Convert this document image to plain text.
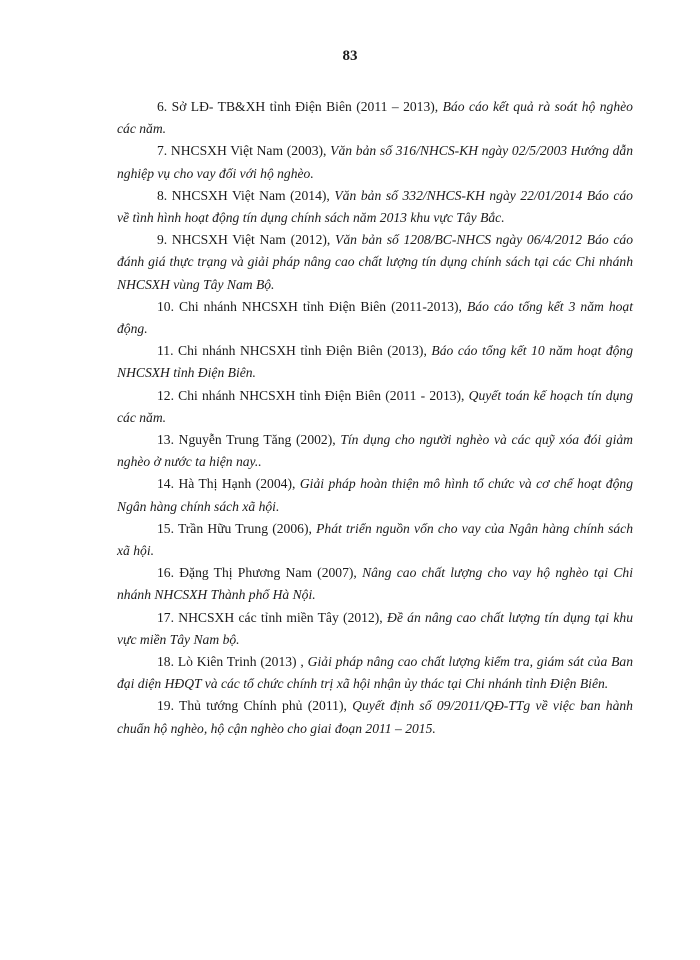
83

6. Sở LĐ- TB&XH tỉnh Điện Biên (2011 – 2013), Báo cáo kết quả rà soát hộ nghèo các năm.

7. NHCSXH Việt Nam (2003), Văn bản số 316/NHCS-KH ngày 02/5/2003 Hướng dẫn nghiệp vụ cho vay đối với hộ nghèo.

8. NHCSXH Việt Nam (2014), Văn bản số 332/NHCS-KH ngày 22/01/2014 Báo cáo về tình hình hoạt động tín dụng chính sách năm 2013 khu vực Tây Bắc.

9. NHCSXH Việt Nam (2012), Văn bản số 1208/BC-NHCS ngày 06/4/2012 Báo cáo đánh giá thực trạng và giải pháp nâng cao chất lượng tín dụng chính sách tại các Chi nhánh NHCSXH vùng Tây Nam Bộ.

10. Chi nhánh NHCSXH tỉnh Điện Biên (2011-2013), Báo cáo tổng kết 3 năm hoạt động.

11. Chi nhánh NHCSXH tỉnh Điện Biên (2013), Báo cáo tổng kết 10 năm hoạt động NHCSXH tỉnh Điện Biên.

12. Chi nhánh NHCSXH tỉnh Điện Biên (2011 - 2013), Quyết toán kế hoạch tín dụng các năm.

13. Nguyễn Trung Tăng (2002), Tín dụng cho người nghèo và các quỹ xóa đói giảm nghèo ở nước ta hiện nay..

14. Hà Thị Hạnh (2004), Giải pháp hoàn thiện mô hình tổ chức và cơ chế hoạt động Ngân hàng chính sách xã hội.

15. Trần Hữu Trung (2006), Phát triển nguồn vốn cho vay của Ngân hàng chính sách xã hội.

16. Đặng Thị Phương Nam (2007), Nâng cao chất lượng cho vay hộ nghèo tại Chi nhánh NHCSXH Thành phố Hà Nội.

17. NHCSXH các tỉnh miền Tây (2012), Đề án nâng cao chất lượng tín dụng tại khu vực miền Tây Nam bộ.

18. Lò Kiên Trinh (2013) , Giải pháp nâng cao chất lượng kiểm tra, giám sát của Ban đại diện HĐQT và các tổ chức chính trị xã hội nhận ủy thác tại Chi nhánh tỉnh Điện Biên.

19. Thủ tướng Chính phủ (2011), Quyết định số 09/2011/QĐ-TTg về việc ban hành chuẩn hộ nghèo, hộ cận nghèo cho giai đoạn 2011 – 2015.
